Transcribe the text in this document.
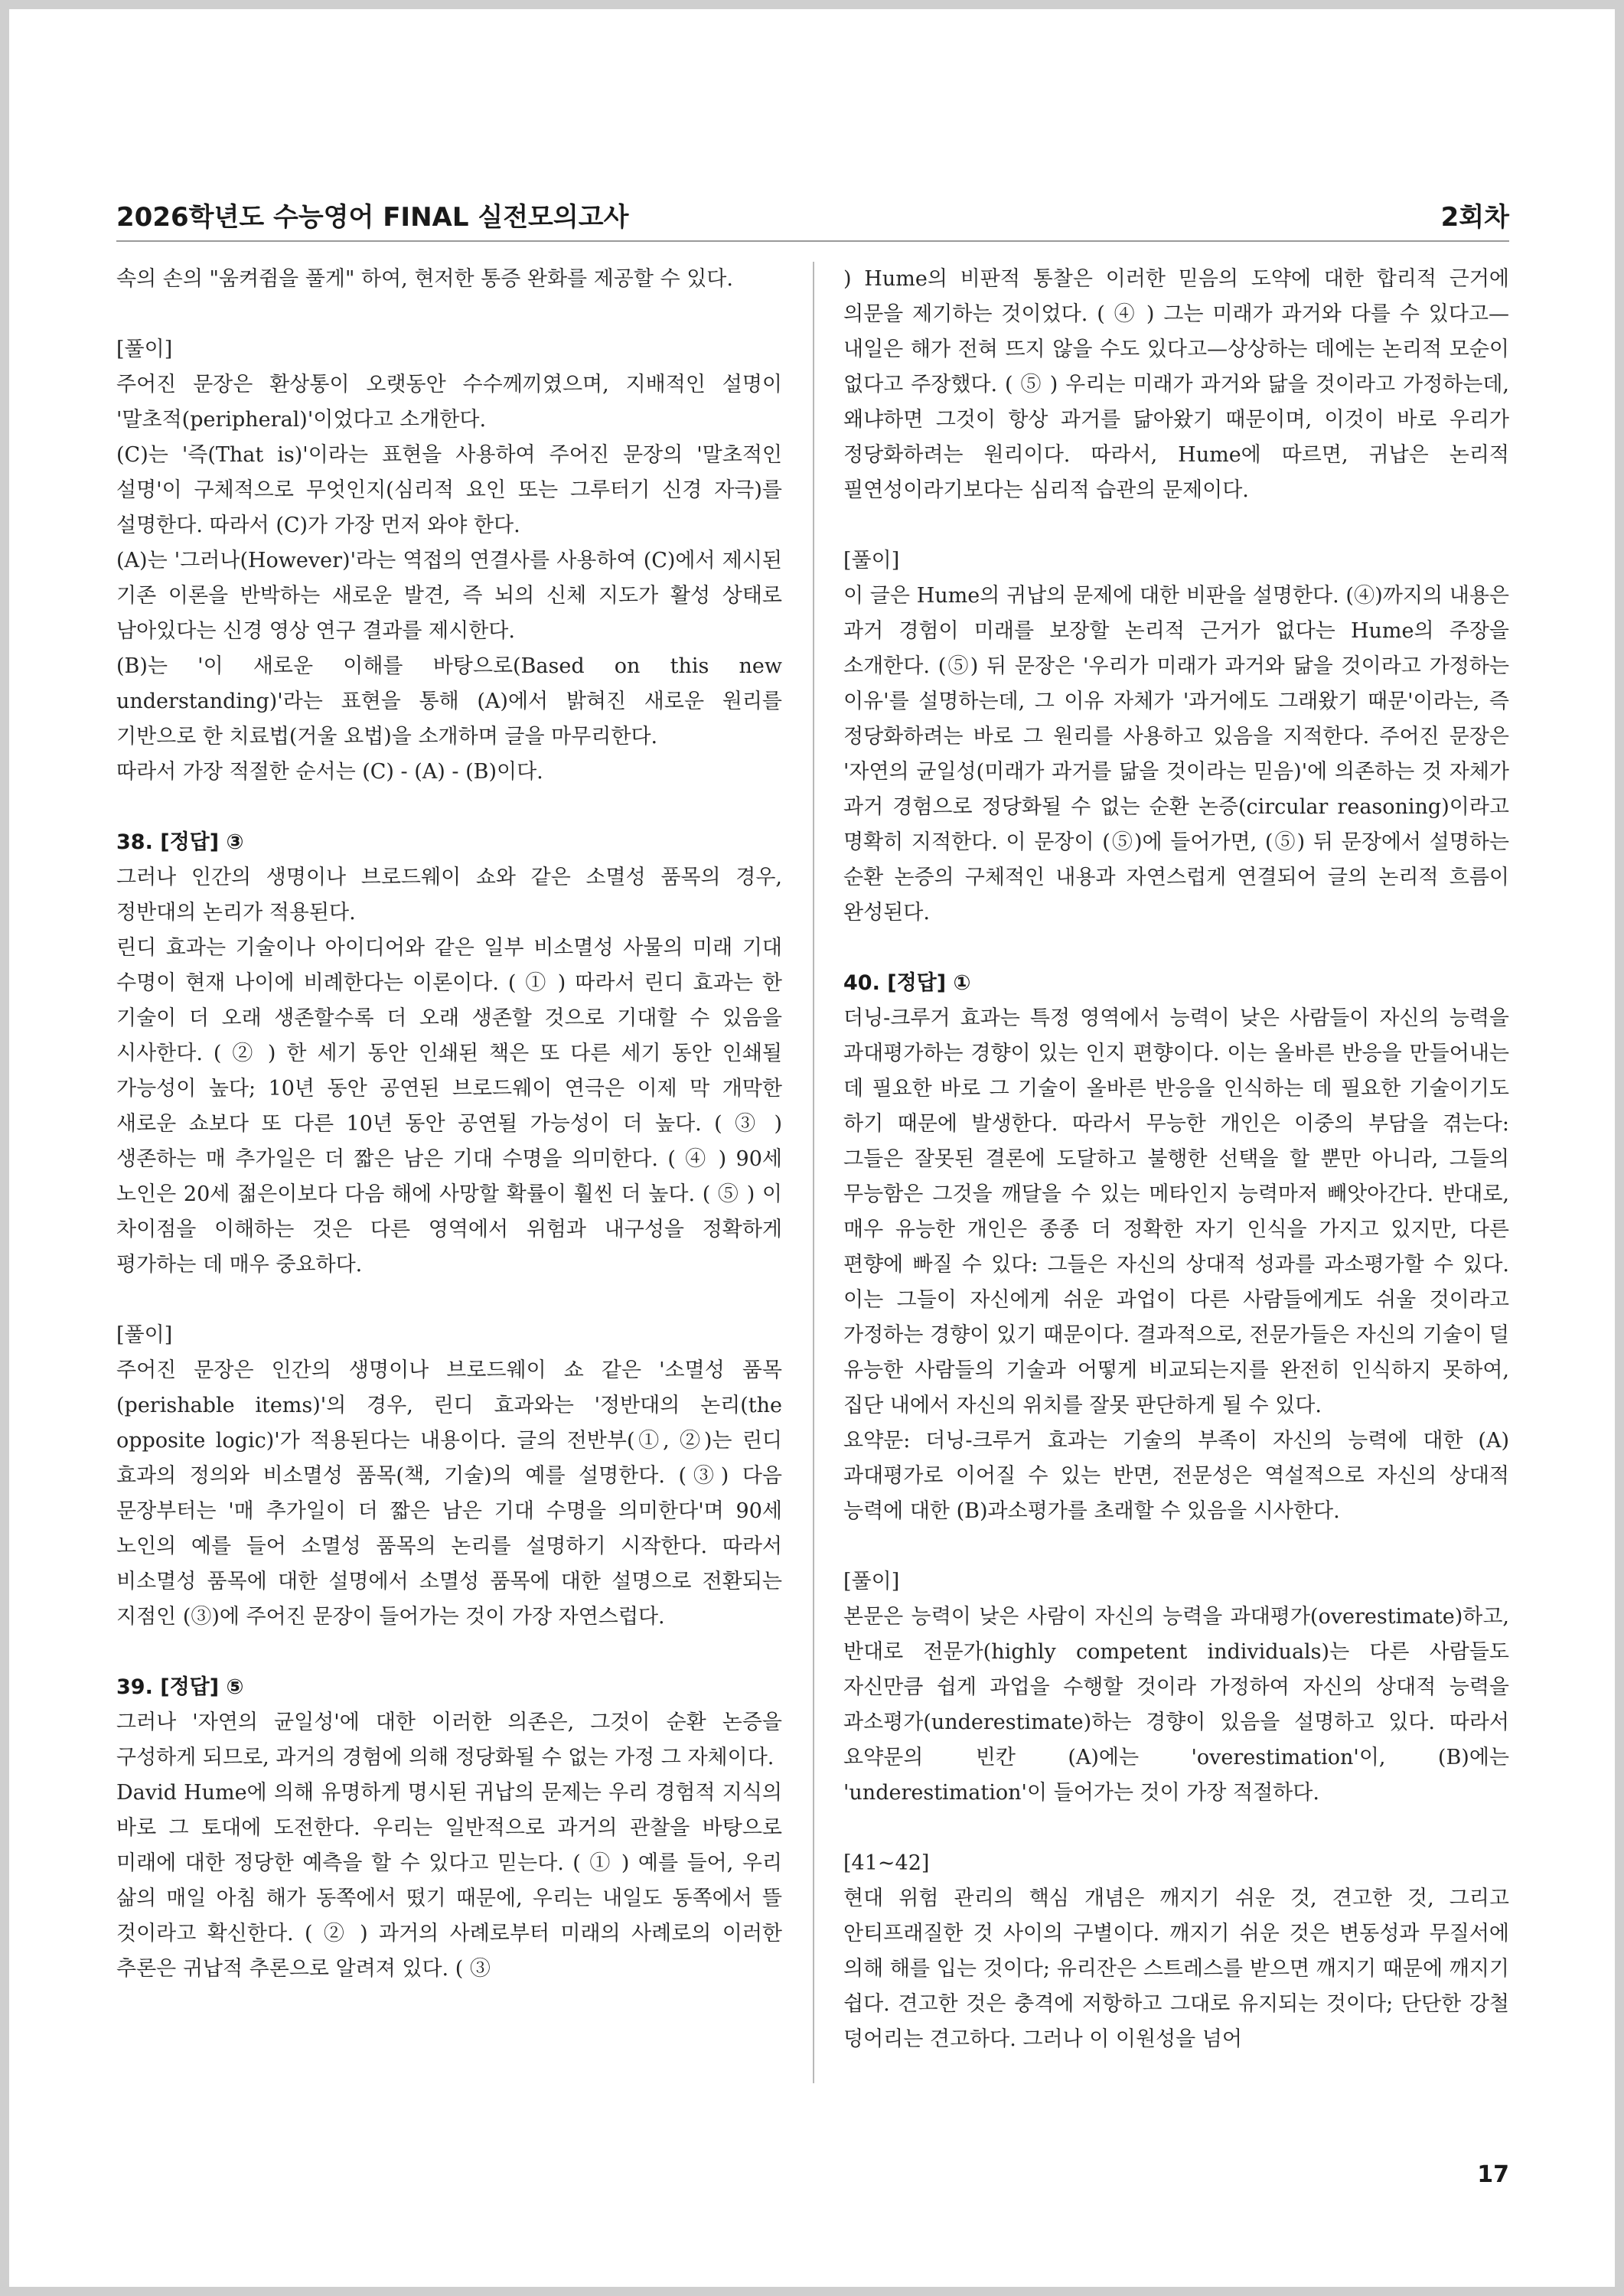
2026학년도 수능영어 FINAL 실전모의고사	2회차

속의 손의 "움켜쥠을 풀게" 하여, 현저한 통증 완화를 제공할 수 있다.

[풀이]

주어진 문장은 환상통이 오랫동안 수수께끼였으며, 지배적인 설명이 '말초적(peripheral)'이었다고 소개한다.

(C)는 '즉(That is)'이라는 표현을 사용하여 주어진 문장의 '말초적인 설명'이 구체적으로 무엇인지(심리적 요인 또는 그루터기 신경 자극)를 설명한다. 따라서 (C)가 가장 먼저 와야 한다.

(A)는 '그러나(However)'라는 역접의 연결사를 사용하여 (C)에서 제시된 기존 이론을 반박하는 새로운 발견, 즉 뇌의 신체 지도가 활성 상태로 남아있다는 신경 영상 연구 결과를 제시한다.

(B)는 '이 새로운 이해를 바탕으로(Based on this new understanding)'라는 표현을 통해 (A)에서 밝혀진 새로운 원리를 기반으로 한 치료법(거울 요법)을 소개하며 글을 마무리한다.

따라서 가장 적절한 순서는 (C) - (A) - (B)이다.

38. [정답] ③

그러나 인간의 생명이나 브로드웨이 쇼와 같은 소멸성 품목의 경우, 정반대의 논리가 적용된다.

린디 효과는 기술이나 아이디어와 같은 일부 비소멸성 사물의 미래 기대 수명이 현재 나이에 비례한다는 이론이다. ( ① ) 따라서 린디 효과는 한 기술이 더 오래 생존할수록 더 오래 생존할 것으로 기대할 수 있음을 시사한다. ( ② ) 한 세기 동안 인쇄된 책은 또 다른 세기 동안 인쇄될 가능성이 높다; 10년 동안 공연된 브로드웨이 연극은 이제 막 개막한 새로운 쇼보다 또 다른 10년 동안 공연될 가능성이 더 높다. ( ③ ) 생존하는 매 추가일은 더 짧은 남은 기대 수명을 의미한다. ( ④ ) 90세 노인은 20세 젊은이보다 다음 해에 사망할 확률이 훨씬 더 높다. ( ⑤ ) 이 차이점을 이해하는 것은 다른 영역에서 위험과 내구성을 정확하게 평가하는 데 매우 중요하다.

[풀이]

주어진 문장은 인간의 생명이나 브로드웨이 쇼 같은 '소멸성 품목(perishable items)'의 경우, 린디 효과와는 '정반대의 논리(the opposite logic)'가 적용된다는 내용이다. 글의 전반부(①, ②)는 린디 효과의 정의와 비소멸성 품목(책, 기술)의 예를 설명한다. (③) 다음 문장부터는 '매 추가일이 더 짧은 남은 기대 수명을 의미한다'며 90세 노인의 예를 들어 소멸성 품목의 논리를 설명하기 시작한다. 따라서 비소멸성 품목에 대한 설명에서 소멸성 품목에 대한 설명으로 전환되는 지점인 (③)에 주어진 문장이 들어가는 것이 가장 자연스럽다.

39. [정답] ⑤

그러나 '자연의 균일성'에 대한 이러한 의존은, 그것이 순환 논증을 구성하게 되므로, 과거의 경험에 의해 정당화될 수 없는 가정 그 자체이다.

David Hume에 의해 유명하게 명시된 귀납의 문제는 우리 경험적 지식의 바로 그 토대에 도전한다. 우리는 일반적으로 과거의 관찰을 바탕으로 미래에 대한 정당한 예측을 할 수 있다고 믿는다. ( ① ) 예를 들어, 우리 삶의 매일 아침 해가 동쪽에서 떴기 때문에, 우리는 내일도 동쪽에서 뜰 것이라고 확신한다. ( ② ) 과거의 사례로부터 미래의 사례로의 이러한 추론은 귀납적 추론으로 알려져 있다. ( ③

) Hume의 비판적 통찰은 이러한 믿음의 도약에 대한 합리적 근거에 의문을 제기하는 것이었다. ( ④ ) 그는 미래가 과거와 다를 수 있다고—내일은 해가 전혀 뜨지 않을 수도 있다고—상상하는 데에는 논리적 모순이 없다고 주장했다. ( ⑤ ) 우리는 미래가 과거와 닮을 것이라고 가정하는데, 왜냐하면 그것이 항상 과거를 닮아왔기 때문이며, 이것이 바로 우리가 정당화하려는 원리이다. 따라서, Hume에 따르면, 귀납은 논리적 필연성이라기보다는 심리적 습관의 문제이다.

[풀이]

이 글은 Hume의 귀납의 문제에 대한 비판을 설명한다. (④)까지의 내용은 과거 경험이 미래를 보장할 논리적 근거가 없다는 Hume의 주장을 소개한다. (⑤) 뒤 문장은 '우리가 미래가 과거와 닮을 것이라고 가정하는 이유'를 설명하는데, 그 이유 자체가 '과거에도 그래왔기 때문'이라는, 즉 정당화하려는 바로 그 원리를 사용하고 있음을 지적한다. 주어진 문장은 '자연의 균일성(미래가 과거를 닮을 것이라는 믿음)'에 의존하는 것 자체가 과거 경험으로 정당화될 수 없는 순환 논증(circular reasoning)이라고 명확히 지적한다. 이 문장이 (⑤)에 들어가면, (⑤) 뒤 문장에서 설명하는 순환 논증의 구체적인 내용과 자연스럽게 연결되어 글의 논리적 흐름이 완성된다.

40. [정답] ①

더닝-크루거 효과는 특정 영역에서 능력이 낮은 사람들이 자신의 능력을 과대평가하는 경향이 있는 인지 편향이다. 이는 올바른 반응을 만들어내는 데 필요한 바로 그 기술이 올바른 반응을 인식하는 데 필요한 기술이기도 하기 때문에 발생한다. 따라서 무능한 개인은 이중의 부담을 겪는다: 그들은 잘못된 결론에 도달하고 불행한 선택을 할 뿐만 아니라, 그들의 무능함은 그것을 깨달을 수 있는 메타인지 능력마저 빼앗아간다. 반대로, 매우 유능한 개인은 종종 더 정확한 자기 인식을 가지고 있지만, 다른 편향에 빠질 수 있다: 그들은 자신의 상대적 성과를 과소평가할 수 있다. 이는 그들이 자신에게 쉬운 과업이 다른 사람들에게도 쉬울 것이라고 가정하는 경향이 있기 때문이다. 결과적으로, 전문가들은 자신의 기술이 덜 유능한 사람들의 기술과 어떻게 비교되는지를 완전히 인식하지 못하여, 집단 내에서 자신의 위치를 잘못 판단하게 될 수 있다.

요약문: 더닝-크루거 효과는 기술의 부족이 자신의 능력에 대한 (A)과대평가로 이어질 수 있는 반면, 전문성은 역설적으로 자신의 상대적 능력에 대한 (B)과소평가를 초래할 수 있음을 시사한다.

[풀이]

본문은 능력이 낮은 사람이 자신의 능력을 과대평가(overestimate)하고, 반대로 전문가(highly competent individuals)는 다른 사람들도 자신만큼 쉽게 과업을 수행할 것이라 가정하여 자신의 상대적 능력을 과소평가(underestimate)하는 경향이 있음을 설명하고 있다. 따라서 요약문의 빈칸 (A)에는 'overestimation'이, (B)에는 'underestimation'이 들어가는 것이 가장 적절하다.

[41~42]

현대 위험 관리의 핵심 개념은 깨지기 쉬운 것, 견고한 것, 그리고 안티프래질한 것 사이의 구별이다. 깨지기 쉬운 것은 변동성과 무질서에 의해 해를 입는 것이다; 유리잔은 스트레스를 받으면 깨지기 때문에 깨지기 쉽다. 견고한 것은 충격에 저항하고 그대로 유지되는 것이다; 단단한 강철 덩어리는 견고하다. 그러나 이 이원성을 넘어

17
